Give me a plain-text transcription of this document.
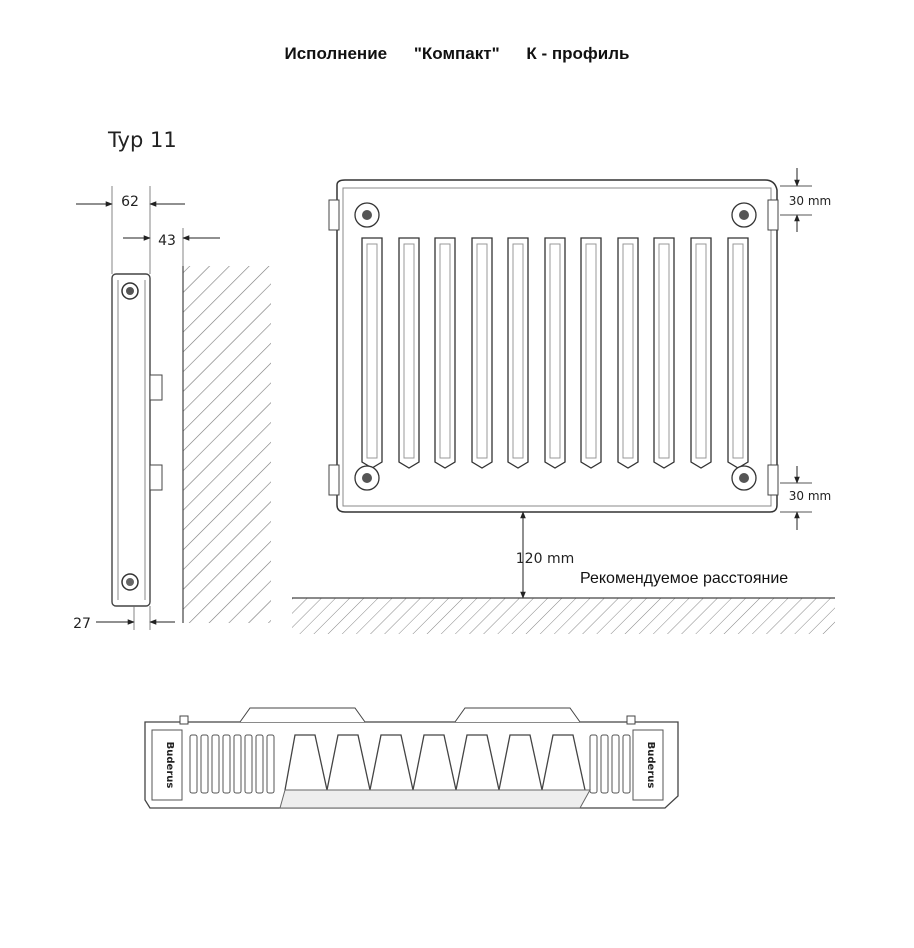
Исполнение "Компакт" К - профиль
Typ 11
62
43
27
30 mm
30 mm
120 mm
Buderus	Buderus
Рекомендуемое расстояние
